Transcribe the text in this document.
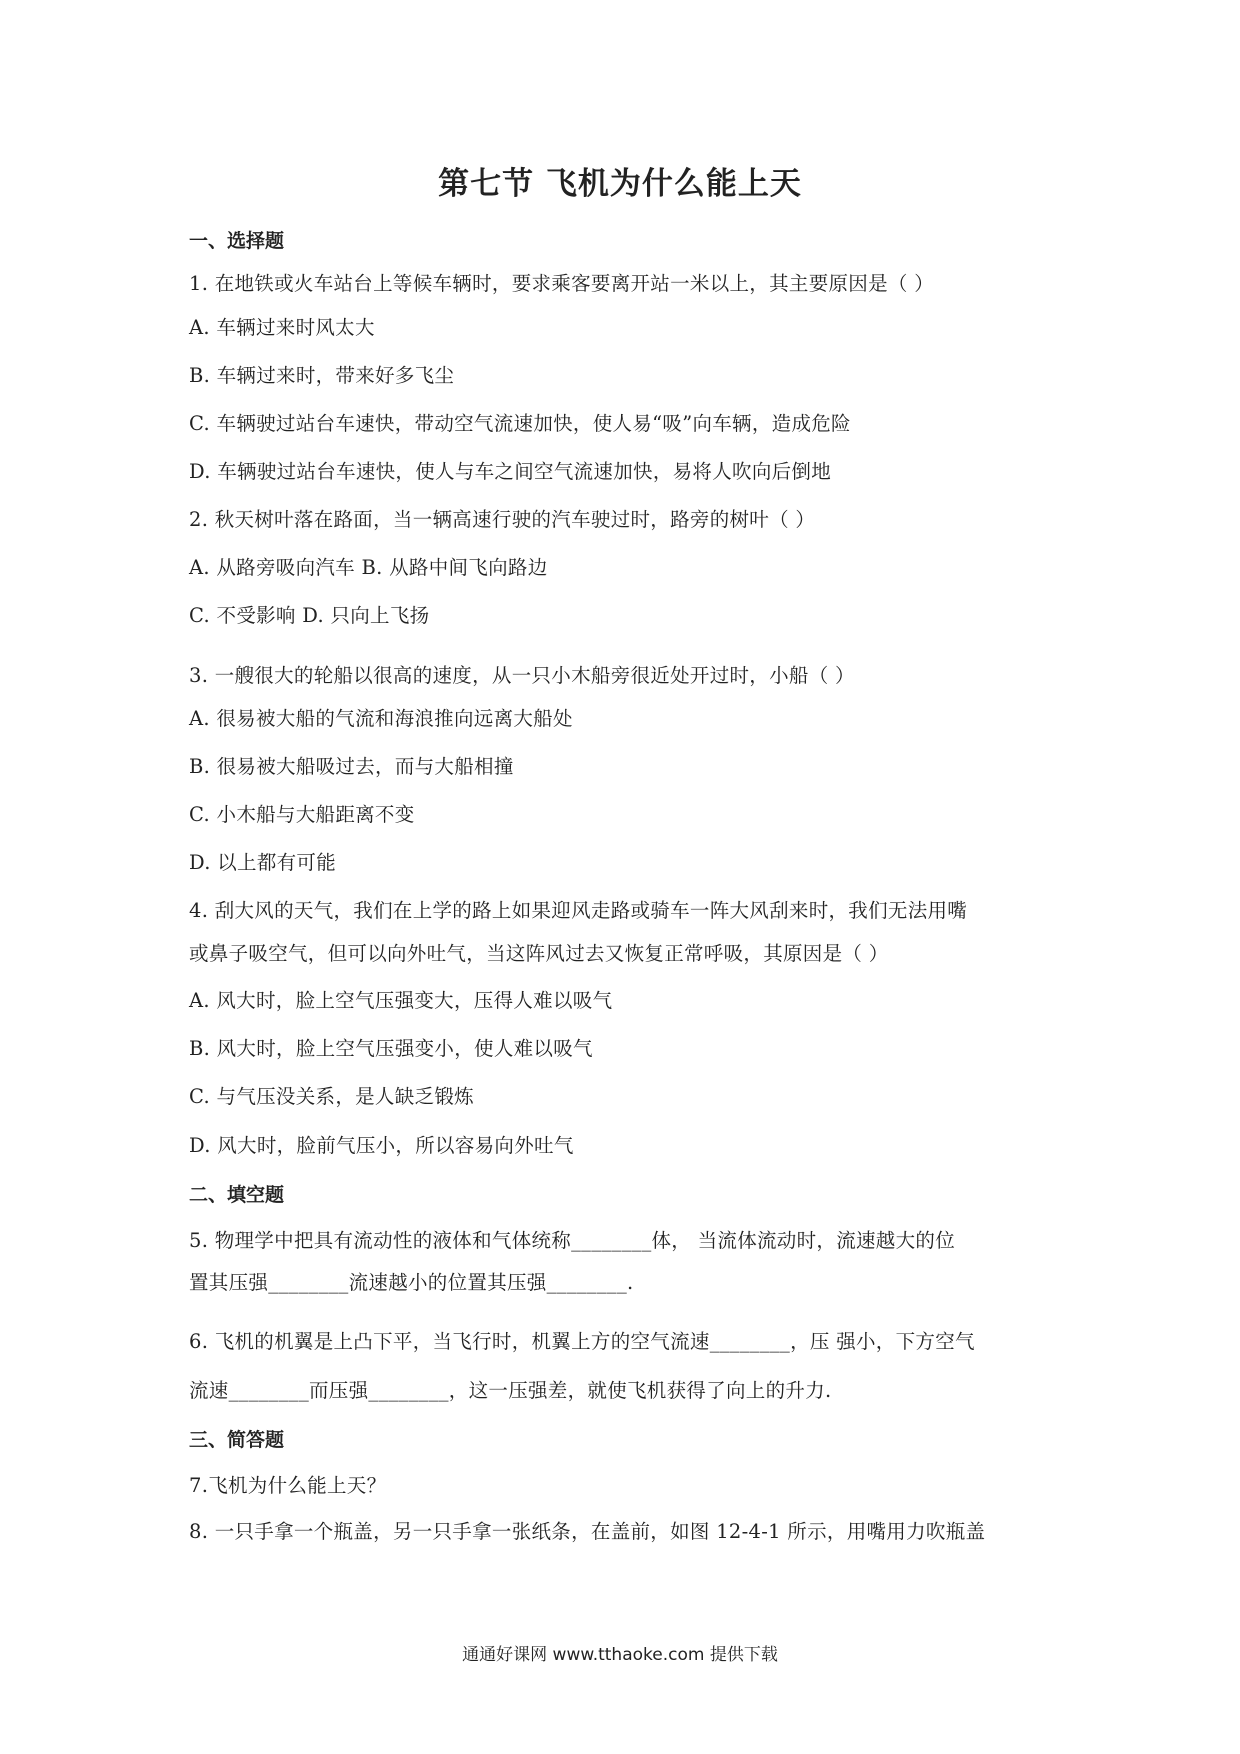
第七节 飞机为什么能上天
一、选择题
1. 在地铁或火车站台上等候车辆时，要求乘客要离开站一米以上，其主要原因是（ ）
A. 车辆过来时风太大
B. 车辆过来时，带来好多飞尘
C. 车辆驶过站台车速快，带动空气流速加快，使人易“吸”向车辆，造成危险
D. 车辆驶过站台车速快，使人与车之间空气流速加快，易将人吹向后倒地
2. 秋天树叶落在路面，当一辆高速行驶的汽车驶过时，路旁的树叶（ ）
A. 从路旁吸向汽车 B. 从路中间飞向路边
C. 不受影响 D. 只向上飞扬
3. 一艘很大的轮船以很高的速度，从一只小木船旁很近处开过时，小船（ ）
A. 很易被大船的气流和海浪推向远离大船处
B. 很易被大船吸过去，而与大船相撞
C. 小木船与大船距离不变
D. 以上都有可能
4. 刮大风的天气，我们在上学的路上如果迎风走路或骑车一阵大风刮来时，我们无法用嘴
或鼻子吸空气，但可以向外吐气，当这阵风过去又恢复正常呼吸，其原因是（ ）
A. 风大时，脸上空气压强变大，压得人难以吸气
B. 风大时，脸上空气压强变小，使人难以吸气
C. 与气压没关系，是人缺乏锻炼
D. 风大时，脸前气压小，所以容易向外吐气
二、填空题
5. 物理学中把具有流动性的液体和气体统称________体， 当流体流动时，流速越大的位
置其压强________流速越小的位置其压强________.
6. 飞机的机翼是上凸下平，当飞行时，机翼上方的空气流速________，压 强小，下方空气
流速________而压强________，这一压强差，就使飞机获得了向上的升力.
三、简答题
7.飞机为什么能上天？
8. 一只手拿一个瓶盖，另一只手拿一张纸条，在盖前，如图 12-4-1 所示，用嘴用力吹瓶盖
通通好课网 www.tthaoke.com 提供下载
